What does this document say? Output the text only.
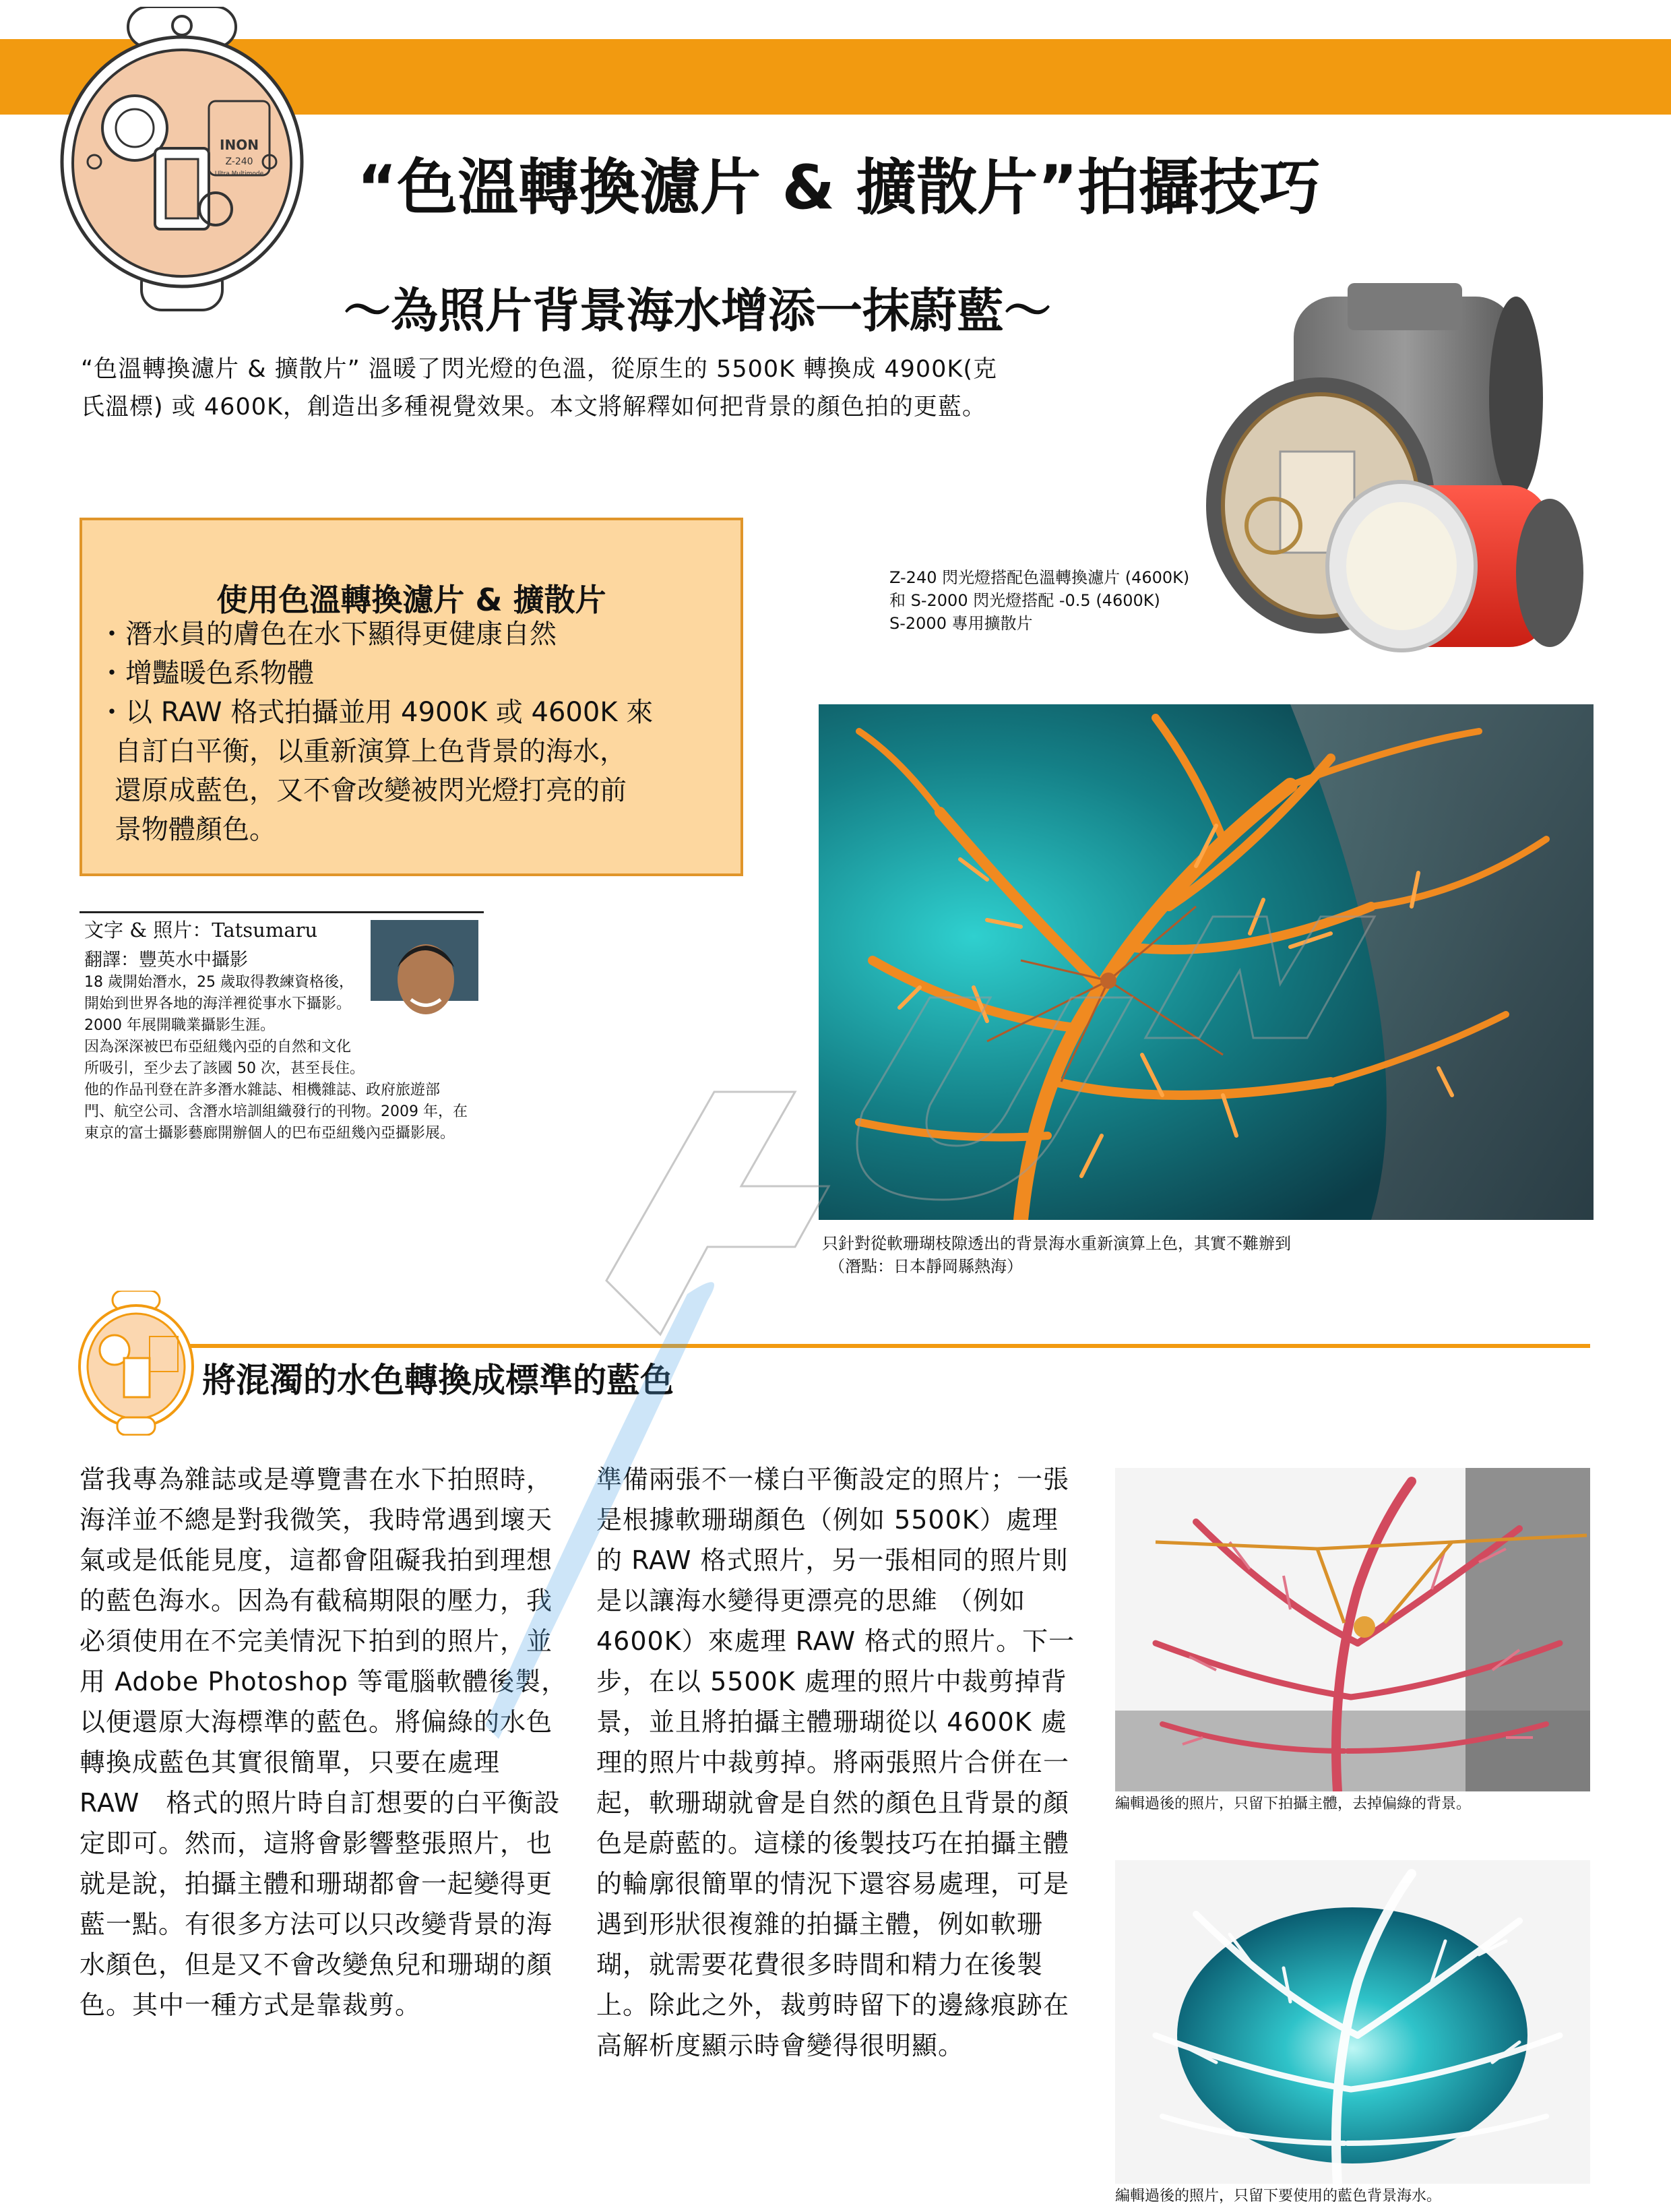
INON
Z-240
Ultra Multimode “色溫轉換濾片 & 擴散片”拍攝技巧
～為照片背景海水增添一抹蔚藍～
“色溫轉換濾片 & 擴散片” 溫暖了閃光燈的色溫，從原生的 5500K 轉換成 4900K(克
氏溫標) 或 4600K，創造出多種視覺效果。本文將解釋如何把背景的顏色拍的更藍。
Z-240 閃光燈搭配色溫轉換濾片 (4600K)
和 S-2000 閃光燈搭配 -0.5 (4600K)
S-2000 專用擴散片
使用色溫轉換濾片 & 擴散片
・潛水員的膚色在水下顯得更健康自然
・增豔暖色系物體
・以 RAW 格式拍攝並用 4900K 或 4600K 來
自訂白平衡，以重新演算上色背景的海水，
還原成藍色，又不會改變被閃光燈打亮的前
景物體顏色。
文字 & 照片：Tatsumaru
翻譯：豐英水中攝影
18 歲開始潛水，25 歲取得教練資格後，
開始到世界各地的海洋裡從事水下攝影。
2000 年展開職業攝影生涯。
因為深深被巴布亞紐幾內亞的自然和文化
所吸引，至少去了該國 50 次，甚至長住。
他的作品刊登在許多潛水雜誌、相機雜誌、政府旅遊部
門、航空公司、含潛水培訓組織發行的刊物。2009 年，在
東京的富士攝影藝廊開辦個人的巴布亞紐幾內亞攝影展。
只針對從軟珊瑚枝隙透出的背景海水重新演算上色，其實不難辦到
（潛點：日本靜岡縣熱海）
將混濁的水色轉換成標準的藍色
當我專為雜誌或是導覽書在水下拍照時，
海洋並不總是對我微笑，我時常遇到壞天
氣或是低能見度，這都會阻礙我拍到理想
的藍色海水。因為有截稿期限的壓力，我
必須使用在不完美情況下拍到的照片，並
用 Adobe Photoshop 等電腦軟體後製，
以便還原大海標準的藍色。將偏綠的水色
轉換成藍色其實很簡單，只要在處理
RAW　格式的照片時自訂想要的白平衡設
定即可。然而，這將會影響整張照片，也
就是說，拍攝主體和珊瑚都會一起變得更
藍一點。有很多方法可以只改變背景的海
水顏色，但是又不會改變魚兒和珊瑚的顏
色。其中一種方式是靠裁剪。
準備兩張不一樣白平衡設定的照片；一張
是根據軟珊瑚顏色（例如 5500K）處理
的 RAW 格式照片，另一張相同的照片則
是以讓海水變得更漂亮的思維 （例如
4600K）來處理 RAW 格式的照片。下一
步，在以 5500K 處理的照片中裁剪掉背
景，並且將拍攝主體珊瑚從以 4600K 處
理的照片中裁剪掉。將兩張照片合併在一
起，軟珊瑚就會是自然的顏色且背景的顏
色是蔚藍的。這樣的後製技巧在拍攝主體
的輪廓很簡單的情況下還容易處理，可是
遇到形狀很複雜的拍攝主體，例如軟珊
瑚，就需要花費很多時間和精力在後製
上。除此之外，裁剪時留下的邊緣痕跡在
高解析度顯示時會變得很明顯。
編輯過後的照片，只留下拍攝主體，去掉偏綠的背景。
編輯過後的照片，只留下要使用的藍色背景海水。
